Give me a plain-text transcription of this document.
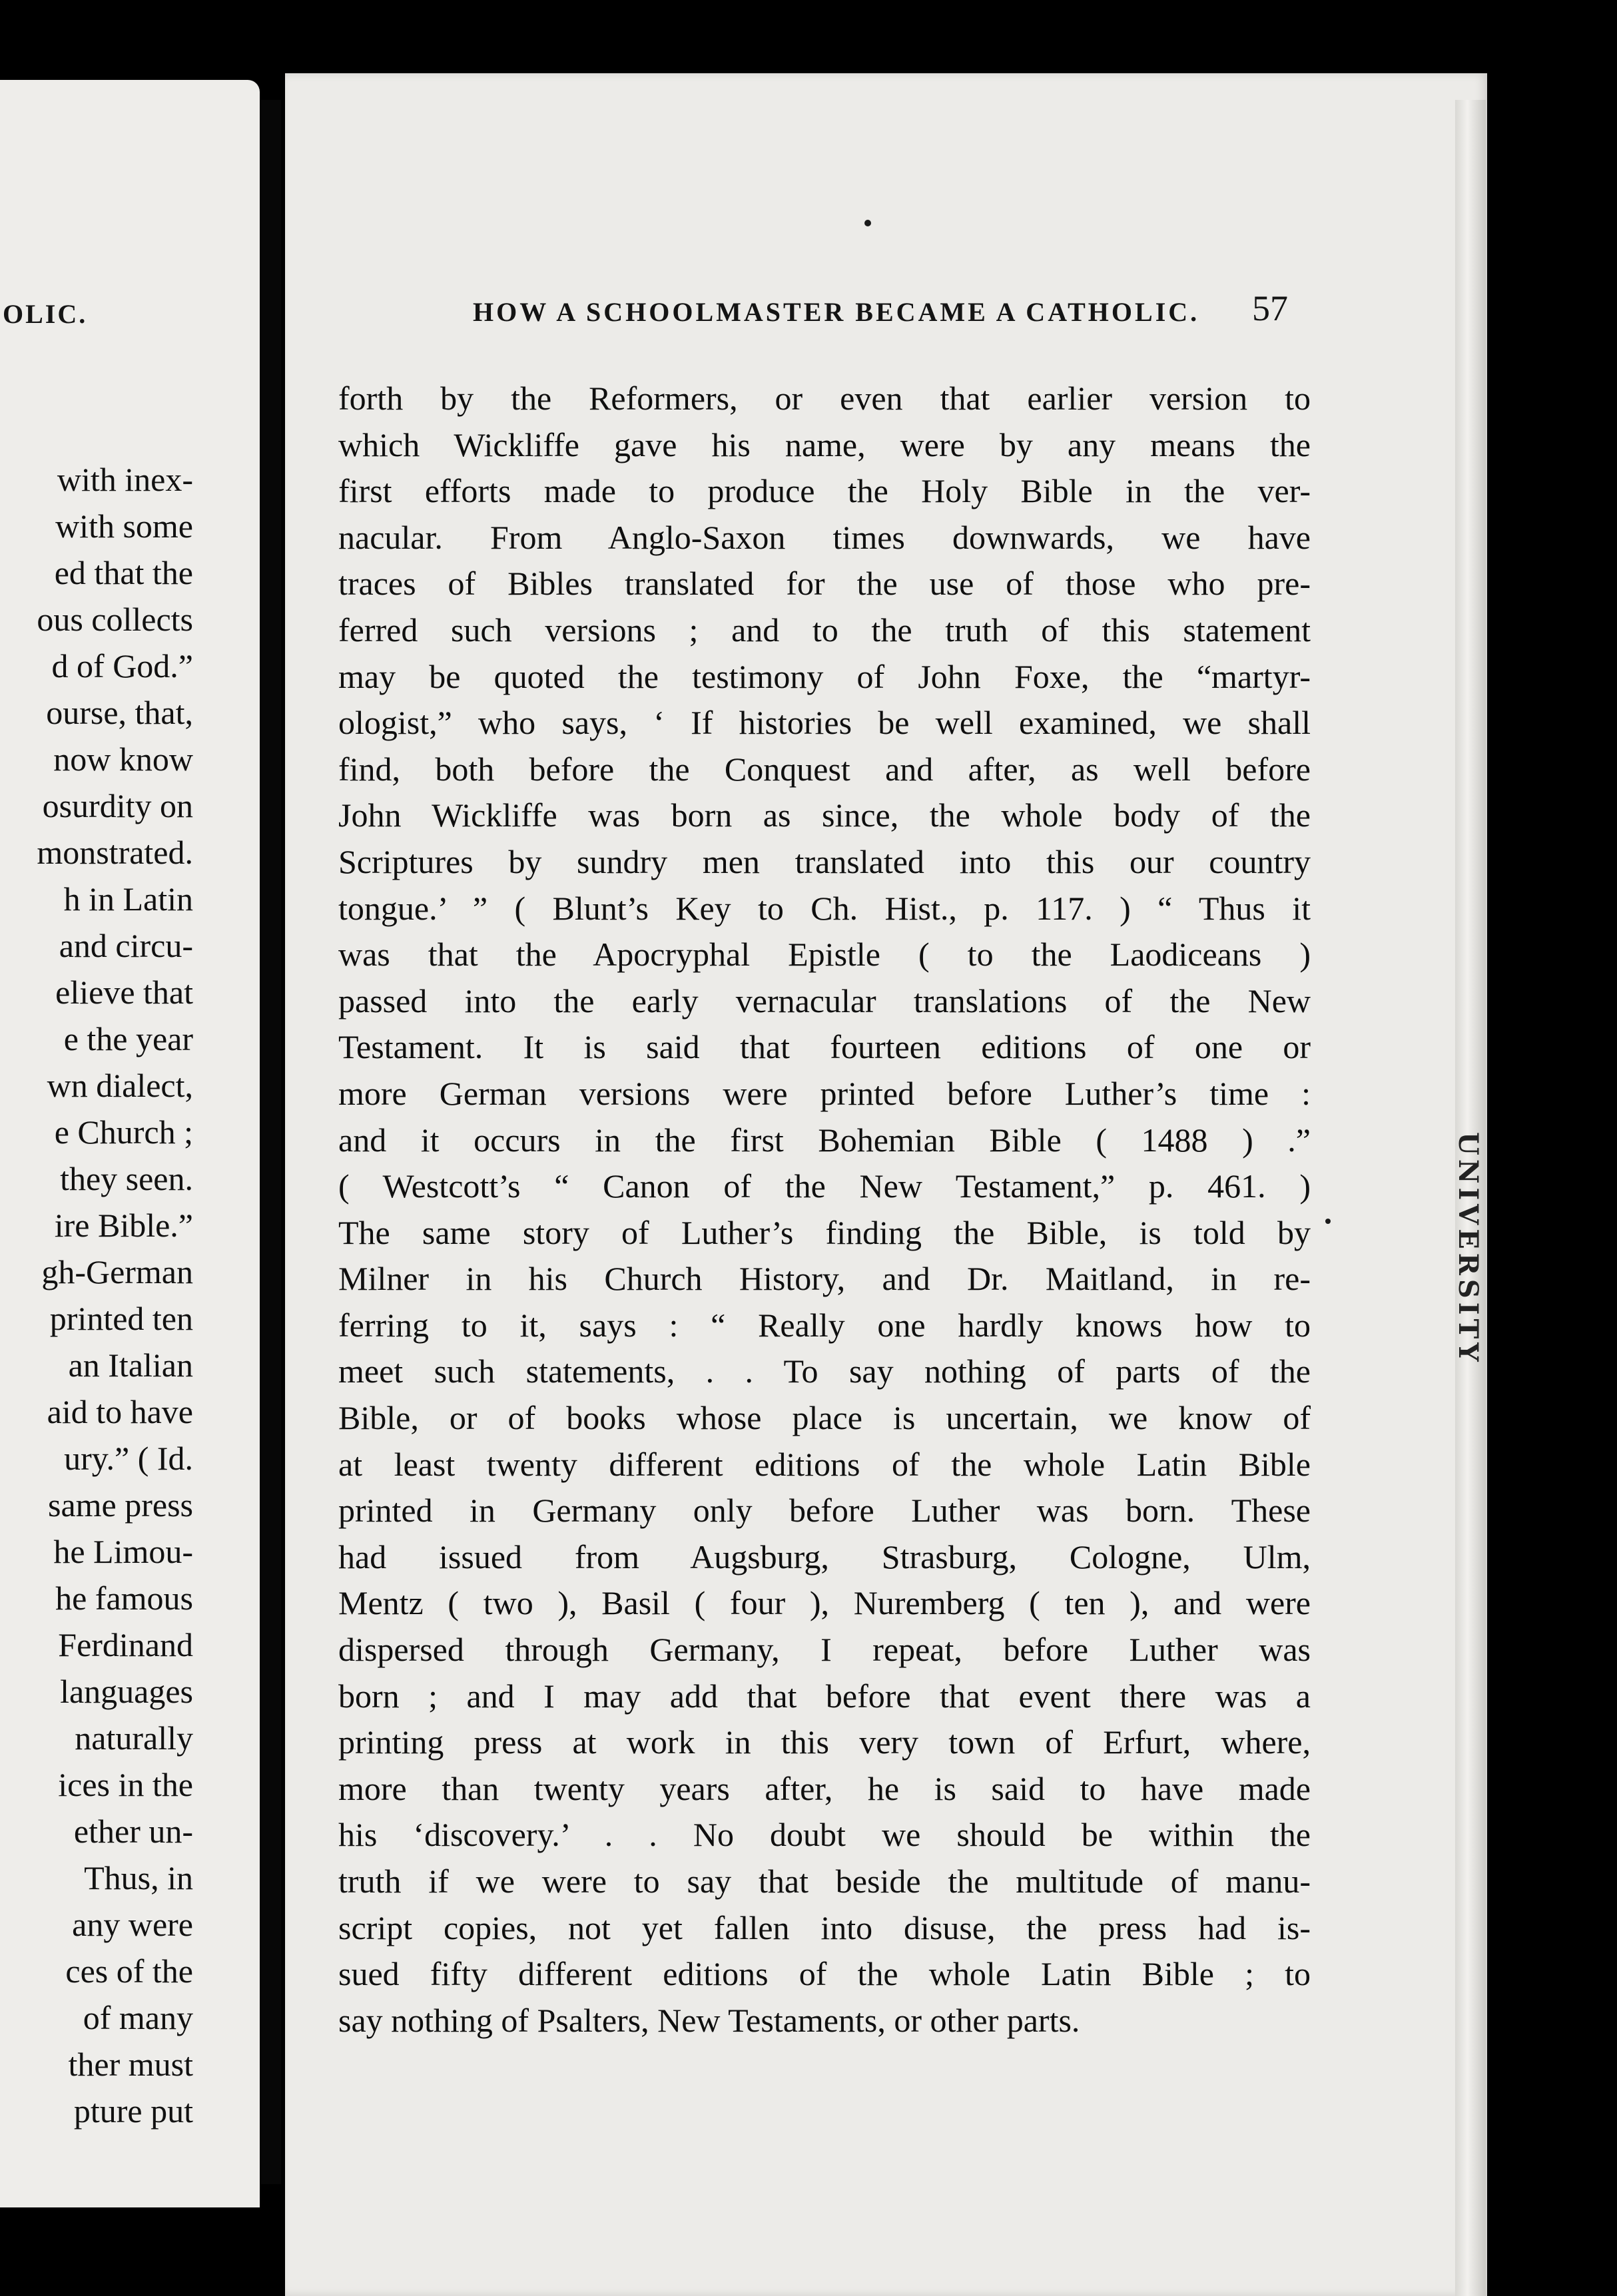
OLIC.
with inex-
with some
ed that the
ous collects
d of God.”
ourse, that,
now know
osurdity on
monstrated.
h in Latin
and circu-
elieve that
e the year
wn dialect,
e Church ;
they seen.
ire Bible.”
gh-German
printed ten
an Italian
aid to have
ury.” ( Id.
same press
he Limou-
he famous
Ferdinand
languages
naturally
ices in the
ether un-
Thus, in
any were
ces of the
of many
ther must
pture put
UNIVERSITY
HOW A SCHOOLMASTER BECAME A CATHOLIC. 57
forth by the Reformers, or even that earlier version to
which Wickliffe gave his name, were by any means the
first efforts made to produce the Holy Bible in the ver-
nacular. From Anglo-Saxon times downwards, we have
traces of Bibles translated for the use of those who pre-
ferred such versions ; and to the truth of this statement
may be quoted the testimony of John Foxe, the “martyr-
ologist,” who says, ‘ If histories be well examined, we shall
find, both before the Conquest and after, as well before
John Wickliffe was born as since, the whole body of the
Scriptures by sundry men translated into this our country
tongue.’ ” ( Blunt’s Key to Ch. Hist., p. 117. ) “ Thus it
was that the Apocryphal Epistle ( to the Laodiceans )
passed into the early vernacular translations of the New
Testament. It is said that fourteen editions of one or
more German versions were printed before Luther’s time :
and it occurs in the first Bohemian Bible ( 1488 ) .”
( Westcott’s “ Canon of the New Testament,” p. 461. )
The same story of Luther’s finding the Bible, is told by
Milner in his Church History, and Dr. Maitland, in re-
ferring to it, says : “ Really one hardly knows how to
meet such statements, . . To say nothing of parts of the
Bible, or of books whose place is uncertain, we know of
at least twenty different editions of the whole Latin Bible
printed in Germany only before Luther was born. These
had issued from Augsburg, Strasburg, Cologne, Ulm,
Mentz ( two ), Basil ( four ), Nuremberg ( ten ), and were
dispersed through Germany, I repeat, before Luther was
born ; and I may add that before that event there was a
printing press at work in this very town of Erfurt, where,
more than twenty years after, he is said to have made
his ‘discovery.’ . . No doubt we should be within the
truth if we were to say that beside the multitude of manu-
script copies, not yet fallen into disuse, the press had is-
sued fifty different editions of the whole Latin Bible ; to
say nothing of Psalters, New Testaments, or other parts.
